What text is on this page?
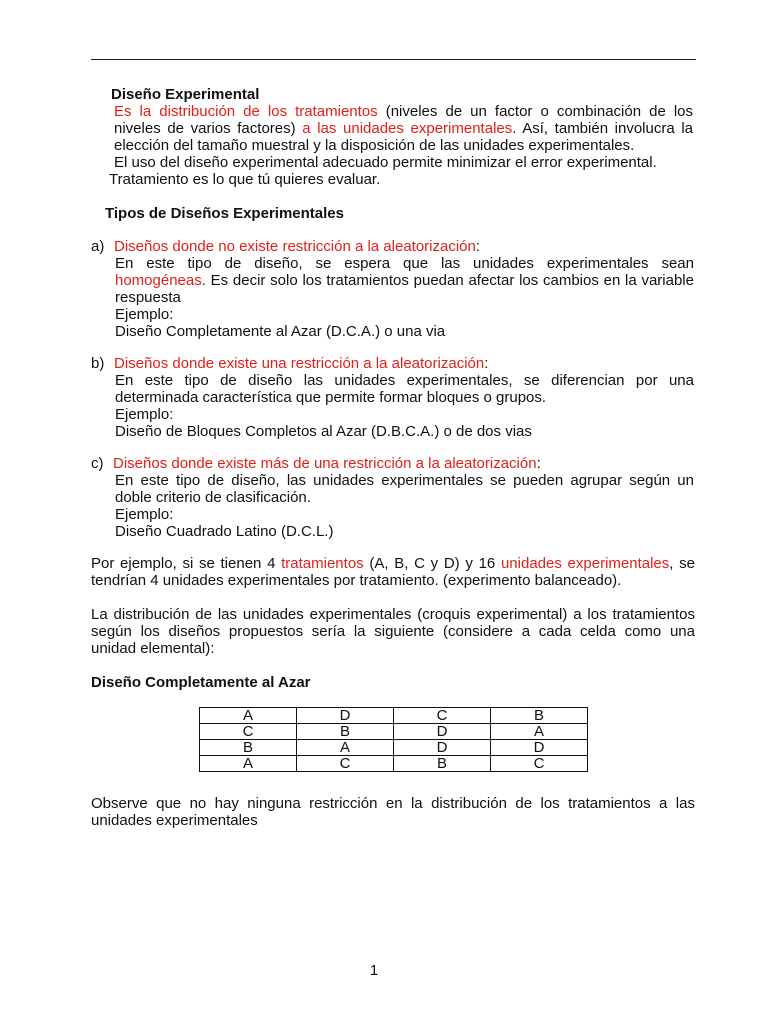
Diseño Experimental
Es la distribución de los tratamientos (niveles de un factor o combinación de los
niveles de varios factores) a las unidades experimentales. Así, también involucra la
elección del tamaño muestral y la disposición de las unidades experimentales.
El uso del diseño experimental adecuado permite minimizar el error experimental.
Tratamiento es lo que tú quieres evaluar.
Tipos de Diseños Experimentales
a) Diseños donde no existe restricción a la aleatorización:
En este tipo de diseño, se espera que las unidades experimentales sean
homogéneas. Es decir solo los tratamientos puedan afectar los cambios en la variable
respuesta
Ejemplo:
Diseño Completamente al Azar (D.C.A.) o una via
b) Diseños donde existe una restricción a la aleatorización:
En este tipo de diseño las unidades experimentales, se diferencian por una
determinada característica que permite formar bloques o grupos.
Ejemplo:
Diseño de Bloques Completos al Azar (D.B.C.A.) o de dos vias
c) Diseños donde existe más de una restricción a la aleatorización:
En este tipo de diseño, las unidades experimentales se pueden agrupar según un
doble criterio de clasificación.
Ejemplo:
Diseño Cuadrado Latino (D.C.L.)
Por ejemplo, si se tienen 4 tratamientos (A, B, C y D) y 16 unidades experimentales, se
tendrían 4 unidades experimentales por tratamiento. (experimento balanceado).
La distribución de las unidades experimentales (croquis experimental) a los tratamientos
según los diseños propuestos sería la siguiente (considere a cada celda como una
unidad elemental):
Diseño Completamente al Azar
A	D	C	B
C	B	D	A
B	A	D	D
A	C	B	C
Observe que no hay ninguna restricción en la distribución de los tratamientos a las
unidades experimentales
1
